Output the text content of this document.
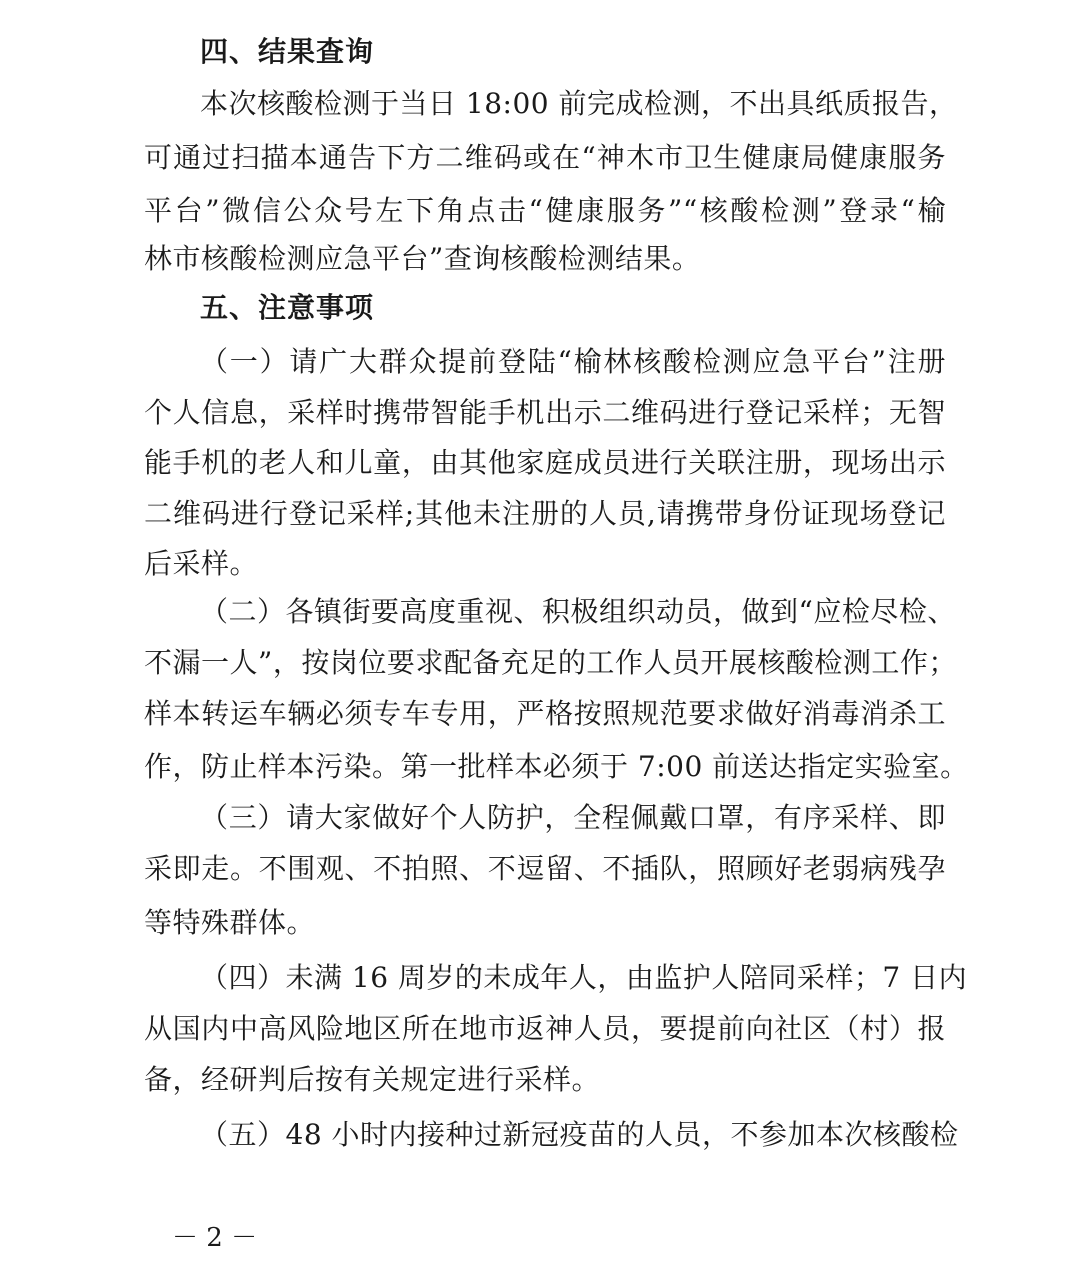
四、结果查询
本次核酸检测于当日 18:00 前完成检测，不出具纸质报告，
可通过扫描本通告下方二维码或在“神木市卫生健康局健康服务
平台”微信公众号左下角点击“健康服务”“核酸检测”登录“榆
林市核酸检测应急平台”查询核酸检测结果。
五、注意事项
（一）请广大群众提前登陆“榆林核酸检测应急平台”注册
个人信息，采样时携带智能手机出示二维码进行登记采样；无智
能手机的老人和儿童，由其他家庭成员进行关联注册，现场出示
二维码进行登记采样;其他未注册的人员,请携带身份证现场登记
后采样。
（二）各镇街要高度重视、积极组织动员，做到“应检尽检、
不漏一人”，按岗位要求配备充足的工作人员开展核酸检测工作；
样本转运车辆必须专车专用，严格按照规范要求做好消毒消杀工
作，防止样本污染。第一批样本必须于 7:00 前送达指定实验室。
（三）请大家做好个人防护，全程佩戴口罩，有序采样、即
采即走。不围观、不拍照、不逗留、不插队，照顾好老弱病残孕
等特殊群体。
（四）未满 16 周岁的未成年人，由监护人陪同采样；7 日内
从国内中高风险地区所在地市返神人员，要提前向社区（村）报
备，经研判后按有关规定进行采样。
（五）48 小时内接种过新冠疫苗的人员，不参加本次核酸检
－ 2 －
